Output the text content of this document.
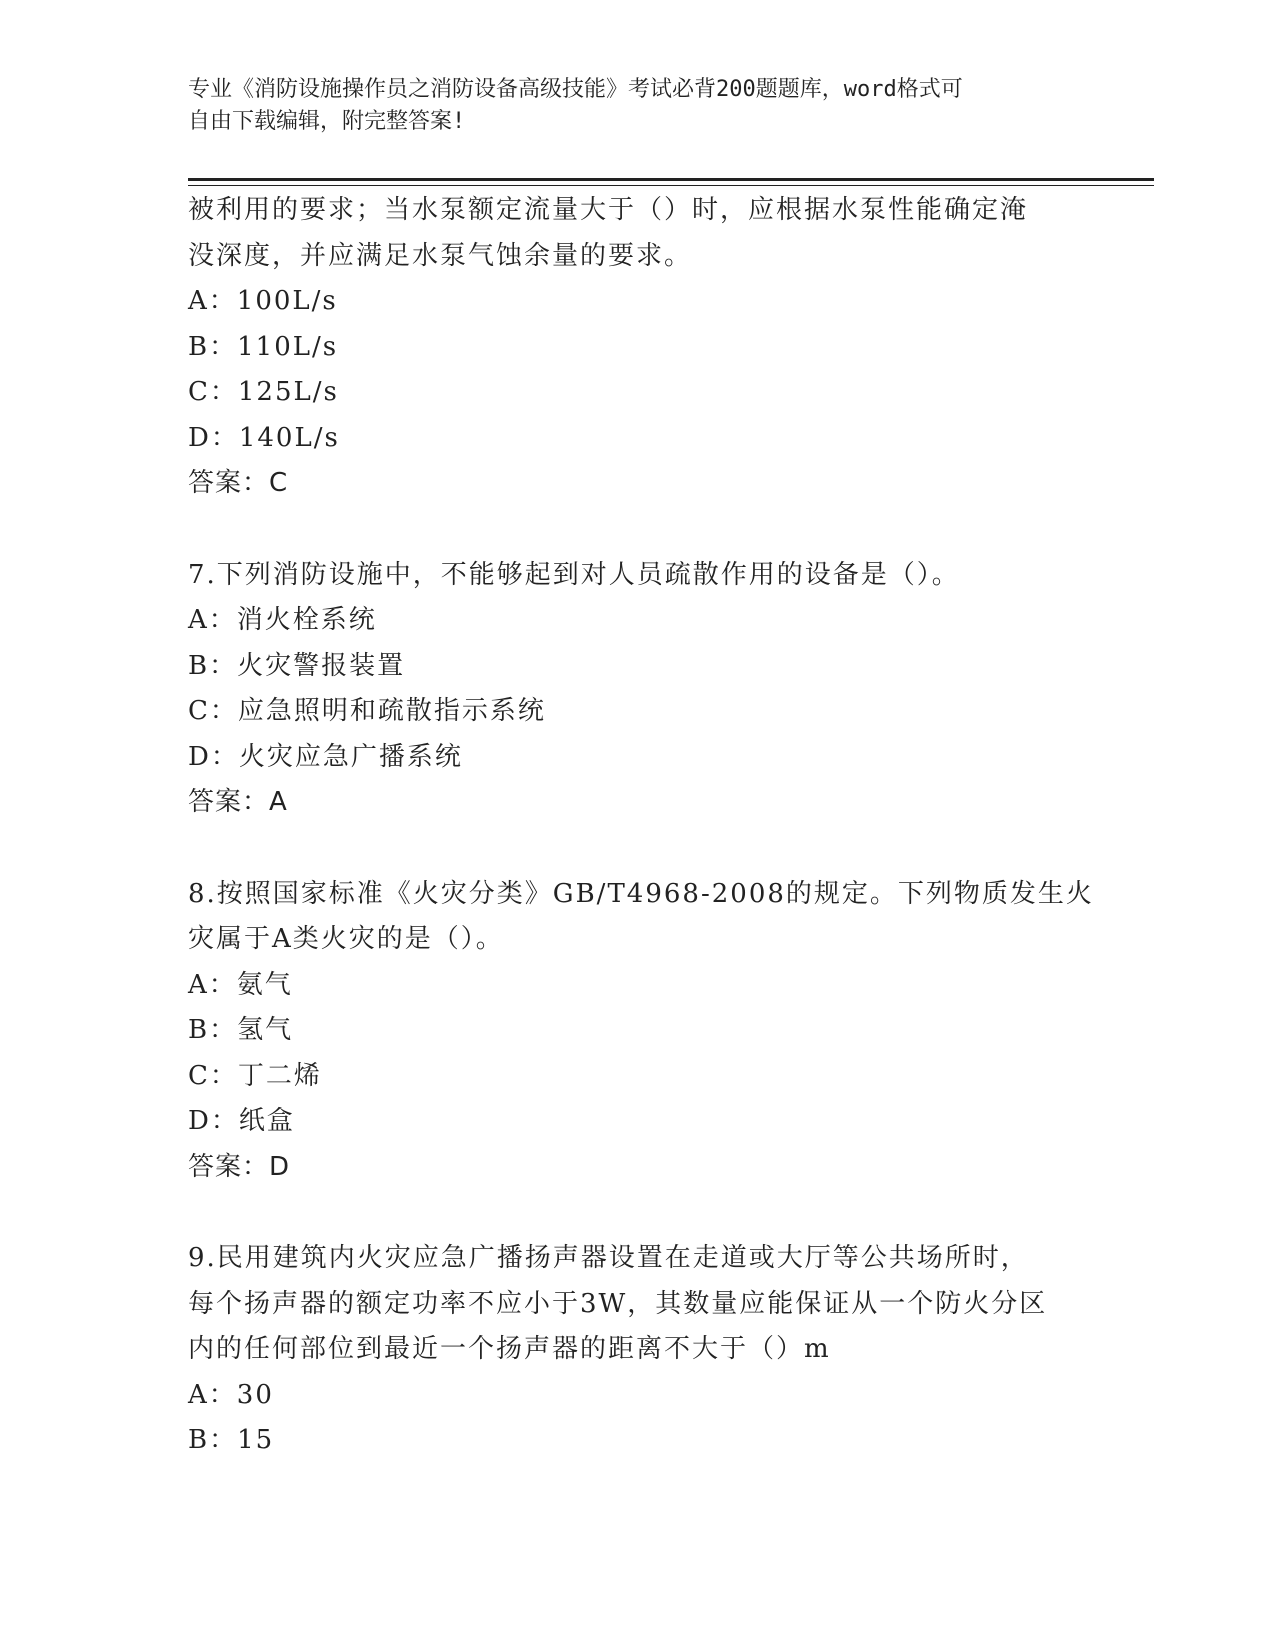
专业《消防设施操作员之消防设备高级技能》考试必背200题题库，word格式可
自由下载编辑，附完整答案!
被利用的要求；当水泵额定流量大于（）时，应根据水泵性能确定淹
没深度，并应满足水泵气蚀余量的要求。
A：100L/s
B：110L/s
C：125L/s
D：140L/s
答案：C
7.下列消防设施中，不能够起到对人员疏散作用的设备是（）。
A：消火栓系统
B：火灾警报装置
C：应急照明和疏散指示系统
D：火灾应急广播系统
答案：A
8.按照国家标准《火灾分类》GB/T4968-2008的规定。下列物质发生火
灾属于A类火灾的是（）。
A：氨气
B：氢气
C：丁二烯
D：纸盒
答案：D
9.民用建筑内火灾应急广播扬声器设置在走道或大厅等公共场所时，
每个扬声器的额定功率不应小于3W，其数量应能保证从一个防火分区
内的任何部位到最近一个扬声器的距离不大于（）m
A：30
B：15
